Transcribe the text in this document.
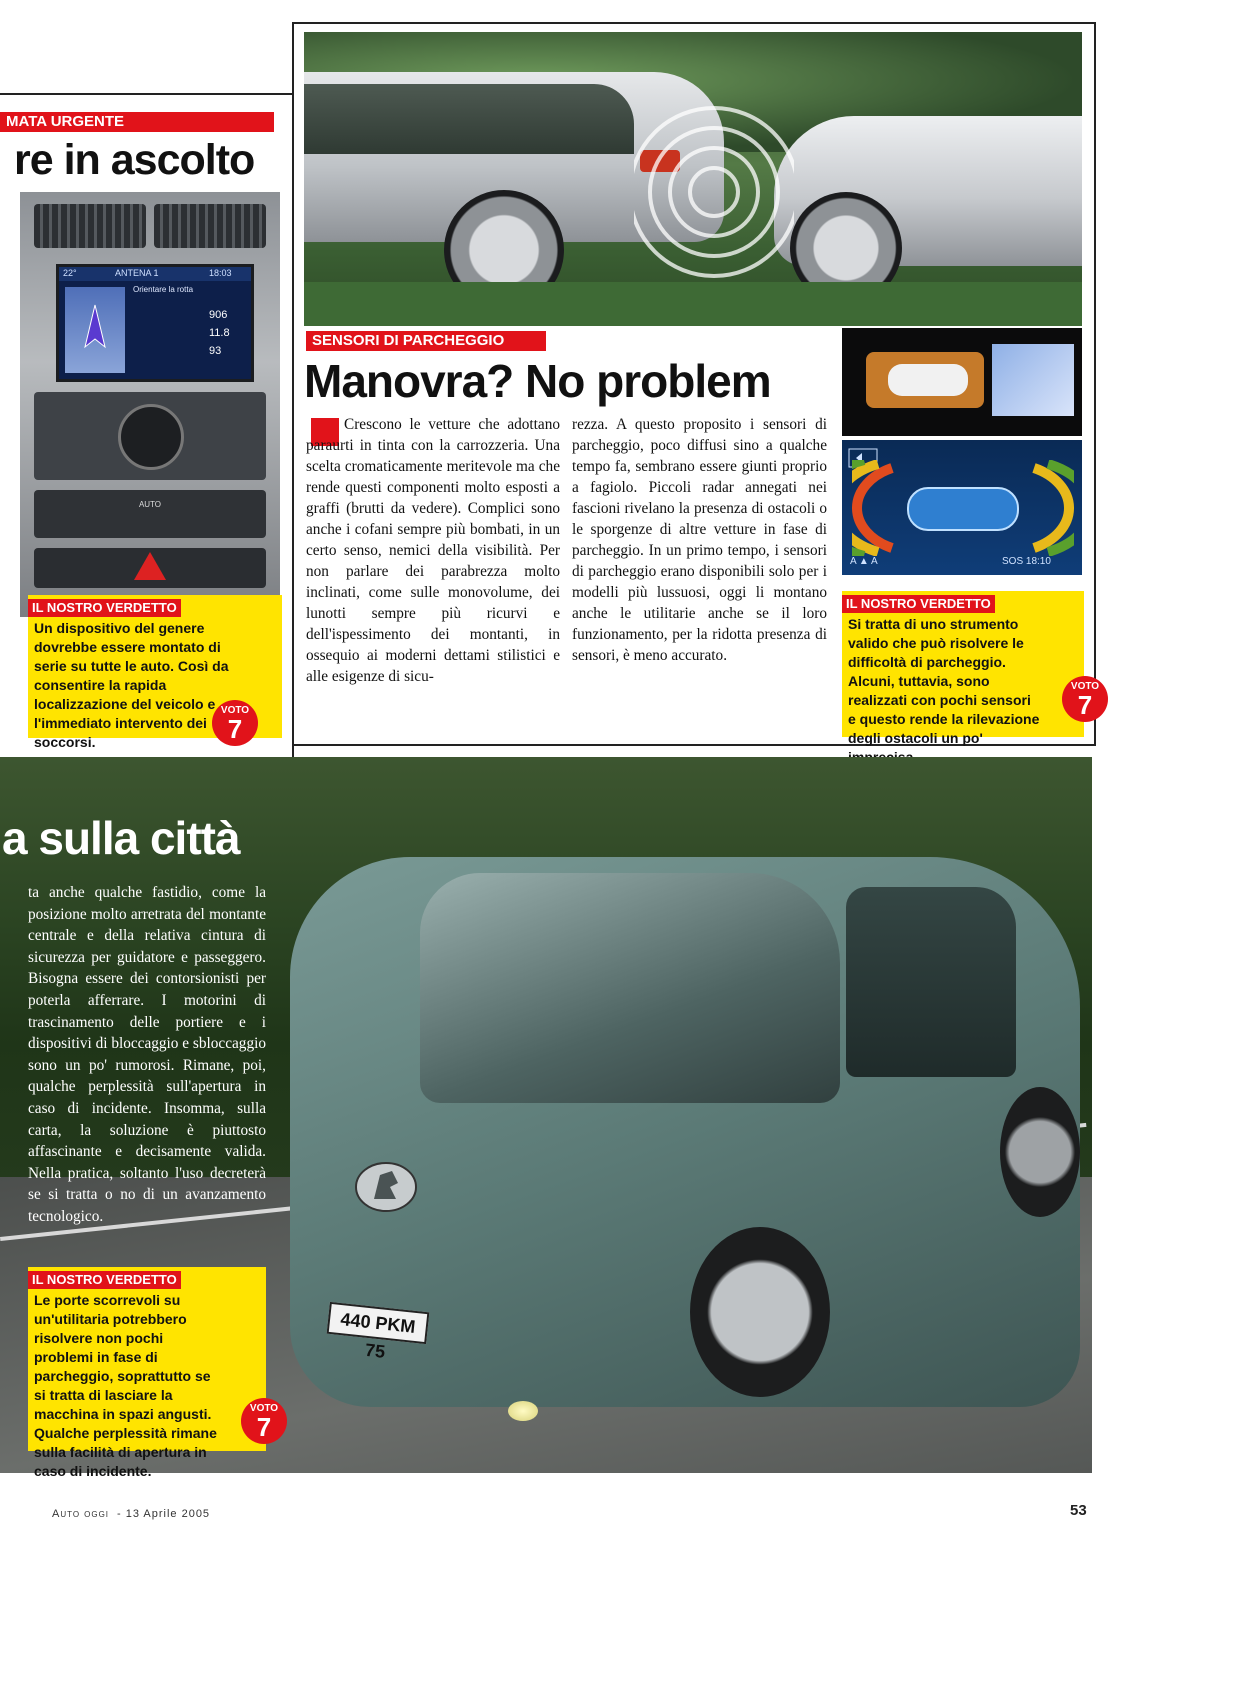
MATA URGENTE
re in ascolto
22°	ANTENA 1	18:03
Orientare la rotta
906
11.8
93
AUTO
IL NOSTRO VERDETTO
Un dispositivo del genere dovrebbe essere montato di serie su tutte le auto. Così da consentire la rapida localizzazione del veicolo e l'immediato intervento dei soccorsi.
VOTO
7
SENSORI DI PARCHEGGIO
Manovra? No problem

Crescono le vetture che adottano paraurti in tinta con la carrozzeria. Una scelta cromaticamente meritevole ma che rende questi componenti molto esposti a graffi (brutti da vedere). Complici sono anche i cofani sempre più bombati, in un certo senso, nemici della visibilità. Per non parlare dei parabrezza molto inclinati, come sulle monovolume, dei lunotti sempre più ricurvi e dell'ispessimento dei montanti, in ossequio ai moderni dettami stilistici e alle esigenze di sicu-

rezza. A questo proposito i sensori di parcheggio, poco diffusi sino a qualche tempo fa, sembrano essere giunti proprio a fagiolo. Piccoli radar annegati nei fascioni rivelano la presenza di ostacoli o le sporgenze di altre vetture in fase di parcheggio. In un primo tempo, i sensori di parcheggio erano disponibili solo per i modelli più lussuosi, oggi li montano anche le utilitarie anche se il loro funzionamento, per la ridotta presenza di sensori, è meno accurato.

A ▲ A	SOS 18:10
IL NOSTRO VERDETTO
Si tratta di uno strumento valido che può risolvere le difficoltà di parcheggio. Alcuni, tuttavia, sono realizzati con pochi sensori e questo rende la rilevazione degli ostacoli un po'
VOTO
7
440 PKM 75
a sulla città

ta anche qualche fastidio, come la posizione molto arretrata del montante centrale e della relativa cintura di sicurezza per guidatore e passeggero. Bisogna essere dei contorsionisti per poterla afferrare. I motorini di trascinamento delle portiere e i dispositivi di bloccaggio e sbloccaggio sono un po' rumorosi. Rimane, poi, qualche perplessità sull'apertura in caso di incidente. Insomma, sulla carta, la soluzione è piuttosto affascinante e decisamente valida. Nella pratica, soltanto l'uso decreterà se si tratta o no di un avanzamento tecnologico.

IL NOSTRO VERDETTO
Le porte scorrevoli su un'utilitaria potrebbero risolvere non pochi problemi in fase di parcheggio, soprattutto se si tratta di lasciare la macchina in spazi angusti. Qualche perplessità rimane sulla facilità di apertura in caso di incidente.
VOTO
7
Auto oggi - 13 Aprile 2005	53
